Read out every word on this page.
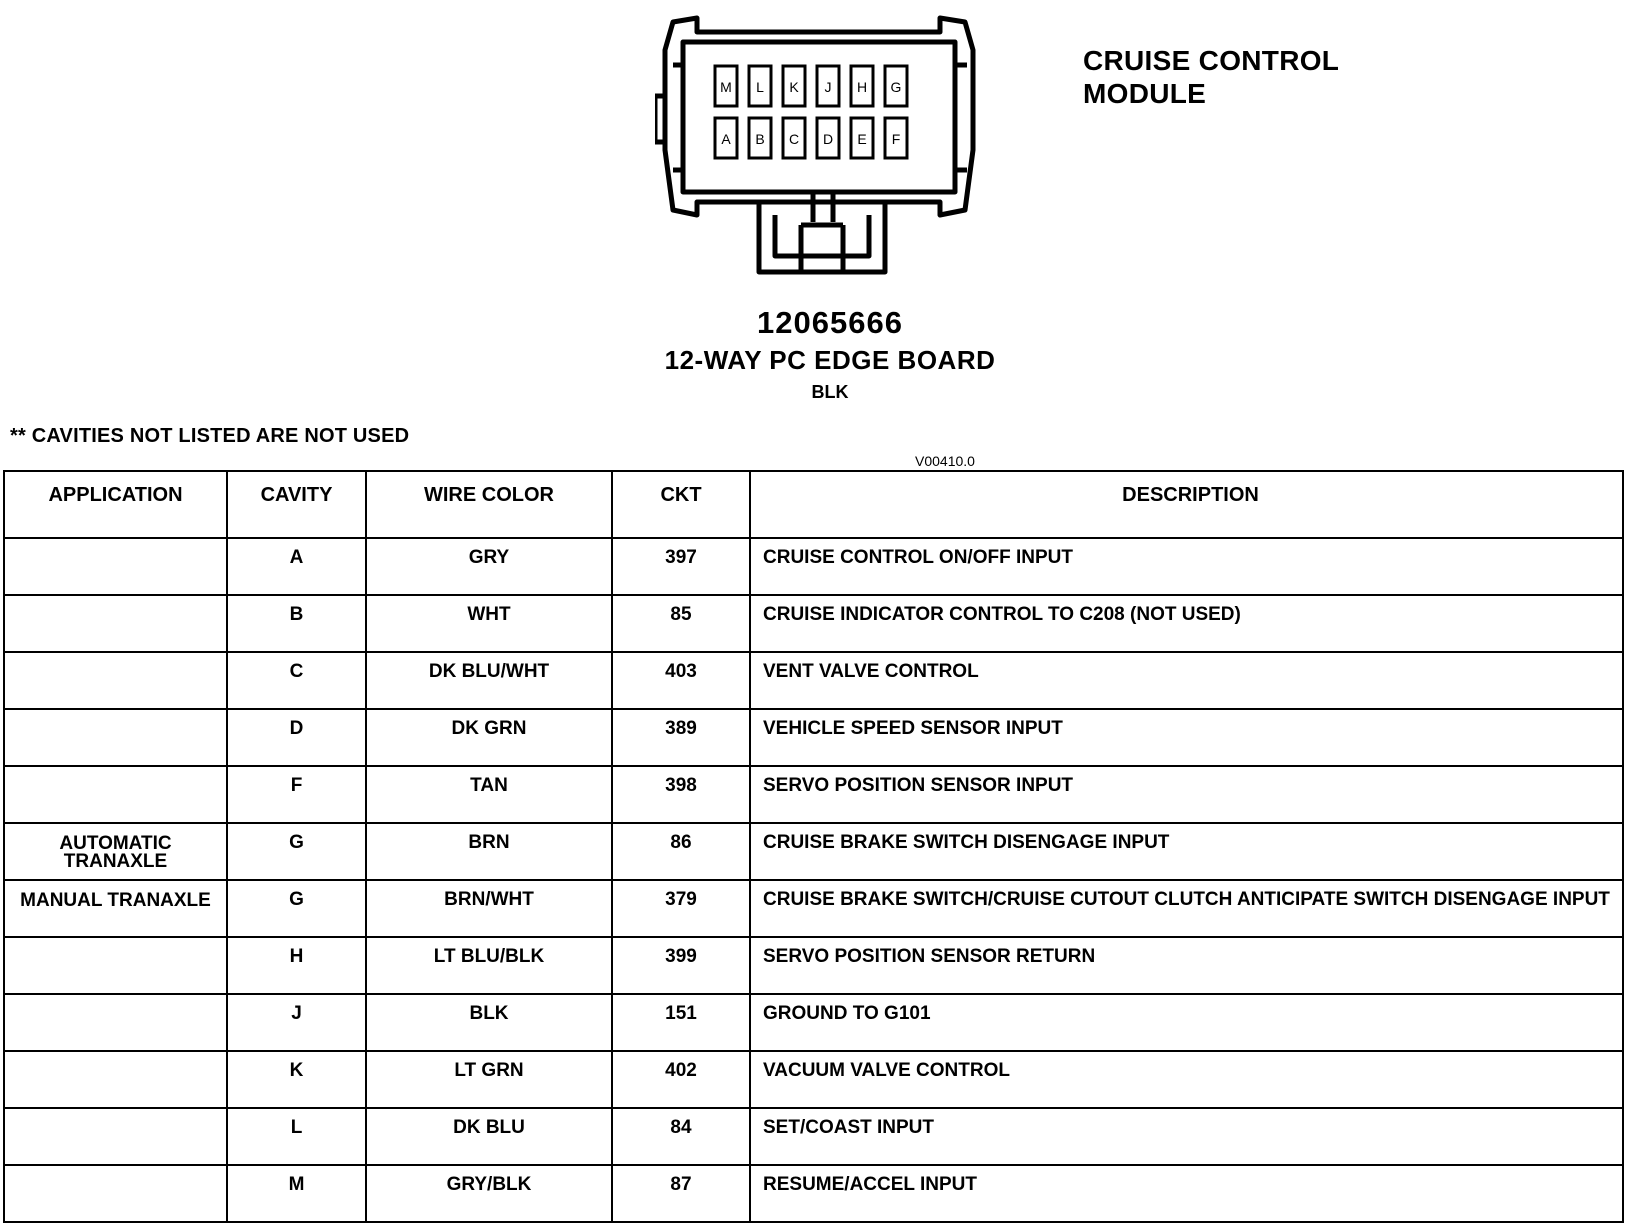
M L K J H G
A B C D E F
CRUISE CONTROL
MODULE
12065666
12-WAY PC EDGE BOARD
BLK
** CAVITIES NOT LISTED ARE NOT USED
V00410.0
APPLICATION	CAVITY	WIRE COLOR	CKT	DESCRIPTION
	A	GRY	397	CRUISE CONTROL ON/OFF INPUT
	B	WHT	85	CRUISE INDICATOR CONTROL TO C208 (NOT USED)
	C	DK BLU/WHT	403	VENT VALVE CONTROL
	D	DK GRN	389	VEHICLE SPEED SENSOR INPUT
	F	TAN	398	SERVO POSITION SENSOR INPUT
AUTOMATIC TRANAXLE	G	BRN	86	CRUISE BRAKE SWITCH DISENGAGE INPUT
MANUAL TRANAXLE	G	BRN/WHT	379	CRUISE BRAKE SWITCH/CRUISE CUTOUT CLUTCH ANTICIPATE SWITCH DISENGAGE INPUT
	H	LT BLU/BLK	399	SERVO POSITION SENSOR RETURN
	J	BLK	151	GROUND TO G101
	K	LT GRN	402	VACUUM VALVE CONTROL
	L	DK BLU	84	SET/COAST INPUT
	M	GRY/BLK	87	RESUME/ACCEL INPUT
